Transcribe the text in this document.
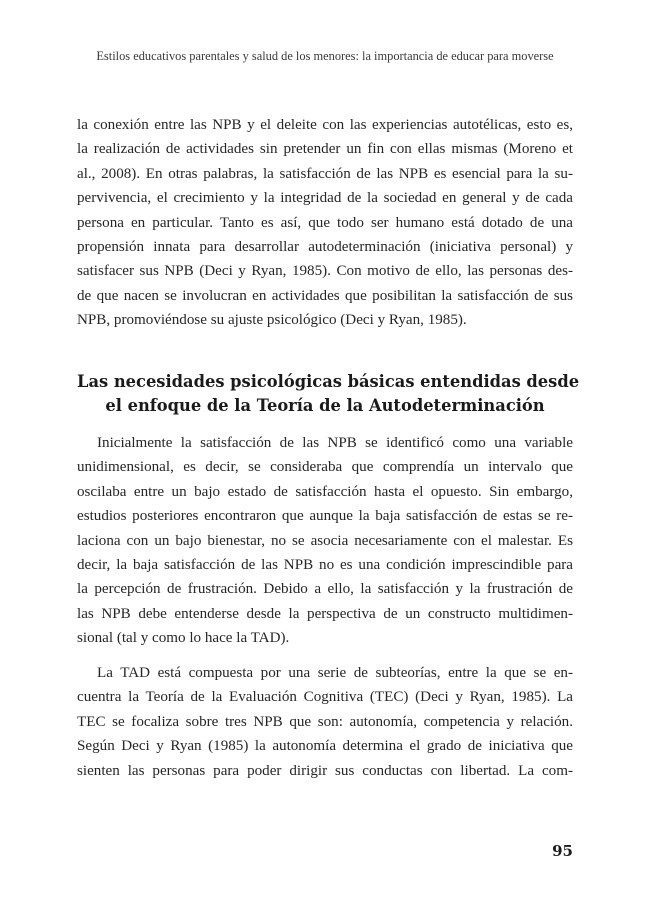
Estilos educativos parentales y salud de los menores: la importancia de educar para moverse
la conexión entre las NPB y el deleite con las experiencias autotélicas, esto es,
la realización de actividades sin pretender un fin con ellas mismas (Moreno et
al., 2008). En otras palabras, la satisfacción de las NPB es esencial para la su-
pervivencia, el crecimiento y la integridad de la sociedad en general y de cada
persona en particular. Tanto es así, que todo ser humano está dotado de una
propensión innata para desarrollar autodeterminación (iniciativa personal) y
satisfacer sus NPB (Deci y Ryan, 1985). Con motivo de ello, las personas des-
de que nacen se involucran en actividades que posibilitan la satisfacción de sus
NPB, promoviéndose su ajuste psicológico (Deci y Ryan, 1985).
Las necesidades psicológicas básicas entendidas desde
el enfoque de la Teoría de la Autodeterminación
Inicialmente la satisfacción de las NPB se identificó como una variable
unidimensional, es decir, se consideraba que comprendía un intervalo que
oscilaba entre un bajo estado de satisfacción hasta el opuesto. Sin embargo,
estudios posteriores encontraron que aunque la baja satisfacción de estas se re-
laciona con un bajo bienestar, no se asocia necesariamente con el malestar. Es
decir, la baja satisfacción de las NPB no es una condición imprescindible para
la percepción de frustración. Debido a ello, la satisfacción y la frustración de
las NPB debe entenderse desde la perspectiva de un constructo multidimen-
sional (tal y como lo hace la TAD).
La TAD está compuesta por una serie de subteorías, entre la que se en-
cuentra la Teoría de la Evaluación Cognitiva (TEC) (Deci y Ryan, 1985). La
TEC se focaliza sobre tres NPB que son: autonomía, competencia y relación.
Según Deci y Ryan (1985) la autonomía determina el grado de iniciativa que
sienten las personas para poder dirigir sus conductas con libertad. La com-
95
